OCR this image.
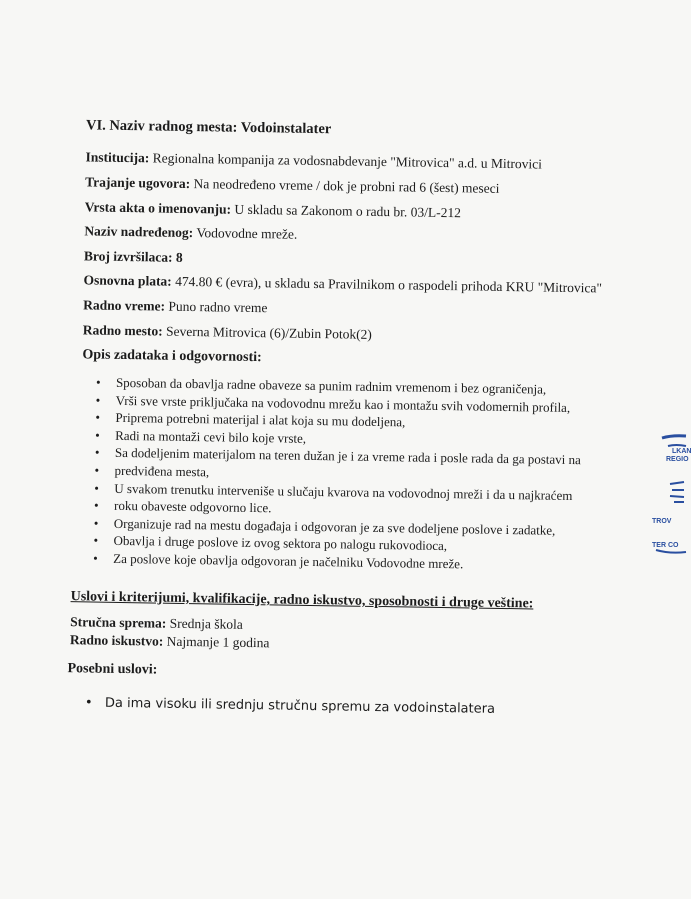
VI. Naziv radnog mesta: Vodoinstalater
Institucija: Regionalna kompanija za vodosnabdevanje "Mitrovica" a.d. u Mitrovici
Trajanje ugovora: Na neodređeno vreme / dok je probni rad 6 (šest) meseci
Vrsta akta o imenovanju: U skladu sa Zakonom o radu br. 03/L-212
Naziv nadređenog: Vodovodne mreže.
Broj izvršilaca: 8
Osnovna plata: 474.80 € (evra), u skladu sa Pravilnikom o raspodeli prihoda KRU "Mitrovica"
Radno vreme: Puno radno vreme
Radno mesto: Severna Mitrovica (6)/Zubin Potok(2)
Opis zadataka i odgovornosti:
• Sposoban da obavlja radne obaveze sa punim radnim vremenom i bez ograničenja,
• Vrši sve vrste priključaka na vodovodnu mrežu kao i montažu svih vodomernih profila,
• Priprema potrebni materijal i alat koja su mu dodeljena,
• Radi na montaži cevi bilo koje vrste,
• Sa dodeljenim materijalom na teren dužan je i za vreme rada i posle rada da ga postavi na
• predviđena mesta,
• U svakom trenutku interveniše u slučaju kvarova na vodovodnoj mreži i da u najkraćem
• roku obaveste odgovorno lice.
• Organizuje rad na mestu događaja i odgovoran je za sve dodeljene poslove i zadatke,
• Obavlja i druge poslove iz ovog sektora po nalogu rukovodioca,
• Za poslove koje obavlja odgovoran je načelniku Vodovodne mreže.
Uslovi i kriterijumi, kvalifikacije, radno iskustvo, sposobnosti i druge veštine:
Stručna sprema: Srednja škola
Radno iskustvo: Najmanje 1 godina
Posebni uslovi:
• Da ima visoku ili srednju stručnu spremu za vodoinstalatera
LKAN
REGIO
TROV
TER CO
